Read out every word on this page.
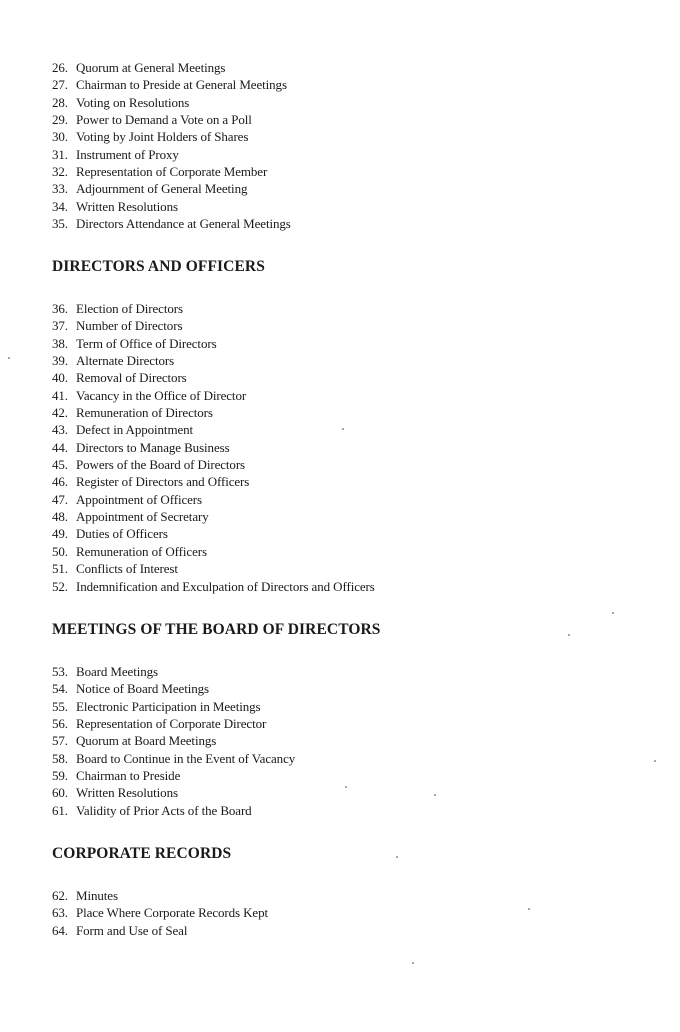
26. Quorum at General Meetings
27. Chairman to Preside at General Meetings
28. Voting on Resolutions
29. Power to Demand a Vote on a Poll
30. Voting by Joint Holders of Shares
31. Instrument of Proxy
32. Representation of Corporate Member
33. Adjournment of General Meeting
34. Written Resolutions
35. Directors Attendance at General Meetings
DIRECTORS AND OFFICERS
36. Election of Directors
37. Number of Directors
38. Term of Office of Directors
39. Alternate Directors
40. Removal of Directors
41. Vacancy in the Office of Director
42. Remuneration of Directors
43. Defect in Appointment
44. Directors to Manage Business
45. Powers of the Board of Directors
46. Register of Directors and Officers
47. Appointment of Officers
48. Appointment of Secretary
49. Duties of Officers
50. Remuneration of Officers
51. Conflicts of Interest
52. Indemnification and Exculpation of Directors and Officers
MEETINGS OF THE BOARD OF DIRECTORS
53. Board Meetings
54. Notice of Board Meetings
55. Electronic Participation in Meetings
56. Representation of Corporate Director
57. Quorum at Board Meetings
58. Board to Continue in the Event of Vacancy
59. Chairman to Preside
60. Written Resolutions
61. Validity of Prior Acts of the Board
CORPORATE RECORDS
62. Minutes
63. Place Where Corporate Records Kept
64. Form and Use of Seal
